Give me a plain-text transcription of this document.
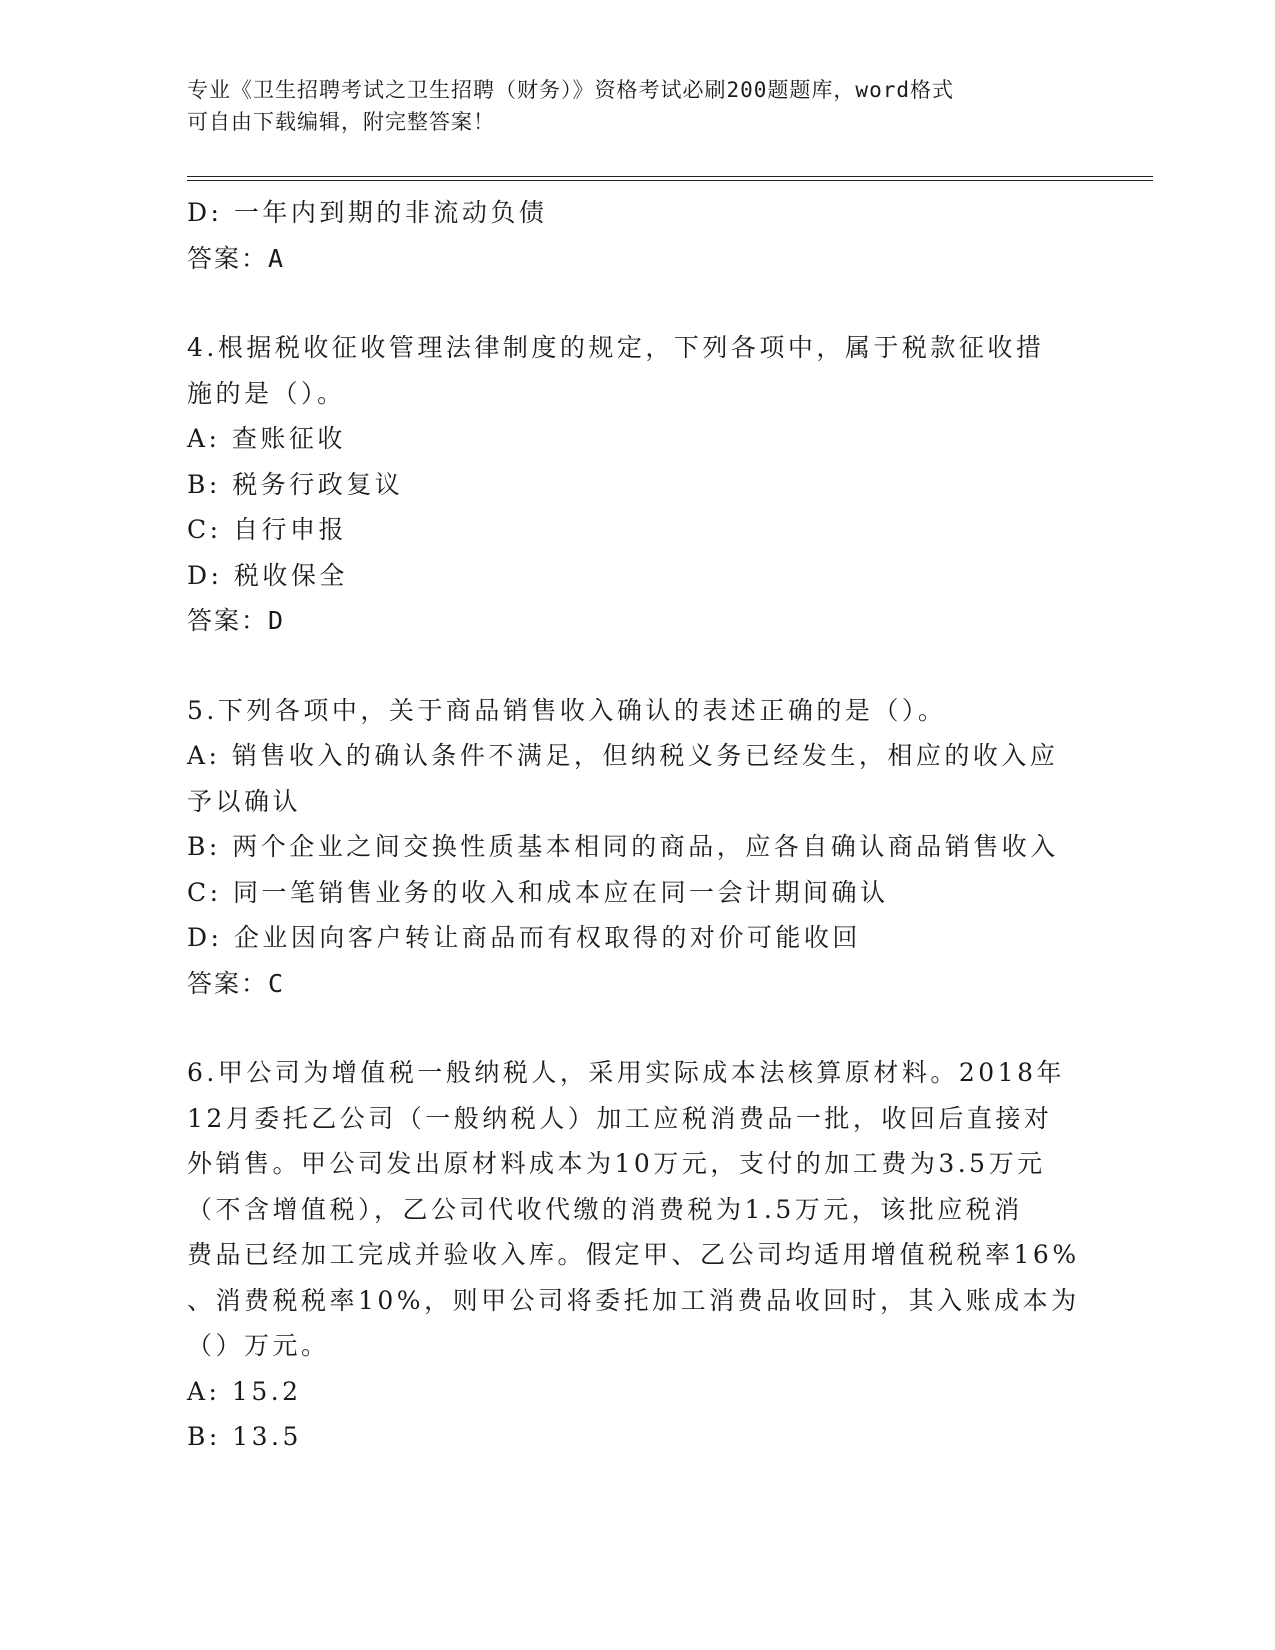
专业《卫生招聘考试之卫生招聘（财务）》资格考试必刷200题题库，word格式
可自由下载编辑，附完整答案！
D: 一年内到期的非流动负债
答案：A
4.根据税收征收管理法律制度的规定，下列各项中，属于税款征收措
施的是（）。
A: 查账征收
B: 税务行政复议
C: 自行申报
D: 税收保全
答案：D
5.下列各项中，关于商品销售收入确认的表述正确的是（）。
A: 销售收入的确认条件不满足，但纳税义务已经发生，相应的收入应
予以确认
B: 两个企业之间交换性质基本相同的商品，应各自确认商品销售收入
C: 同一笔销售业务的收入和成本应在同一会计期间确认
D: 企业因向客户转让商品而有权取得的对价可能收回
答案：C
6.甲公司为增值税一般纳税人，采用实际成本法核算原材料。2018年
12月委托乙公司（一般纳税人）加工应税消费品一批，收回后直接对
外销售。甲公司发出原材料成本为10万元，支付的加工费为3.5万元
（不含增值税），乙公司代收代缴的消费税为1.5万元，该批应税消
费品已经加工完成并验收入库。假定甲、乙公司均适用增值税税率16%
、消费税税率10%，则甲公司将委托加工消费品收回时，其入账成本为
（）万元。
A: 15.2
B: 13.5
